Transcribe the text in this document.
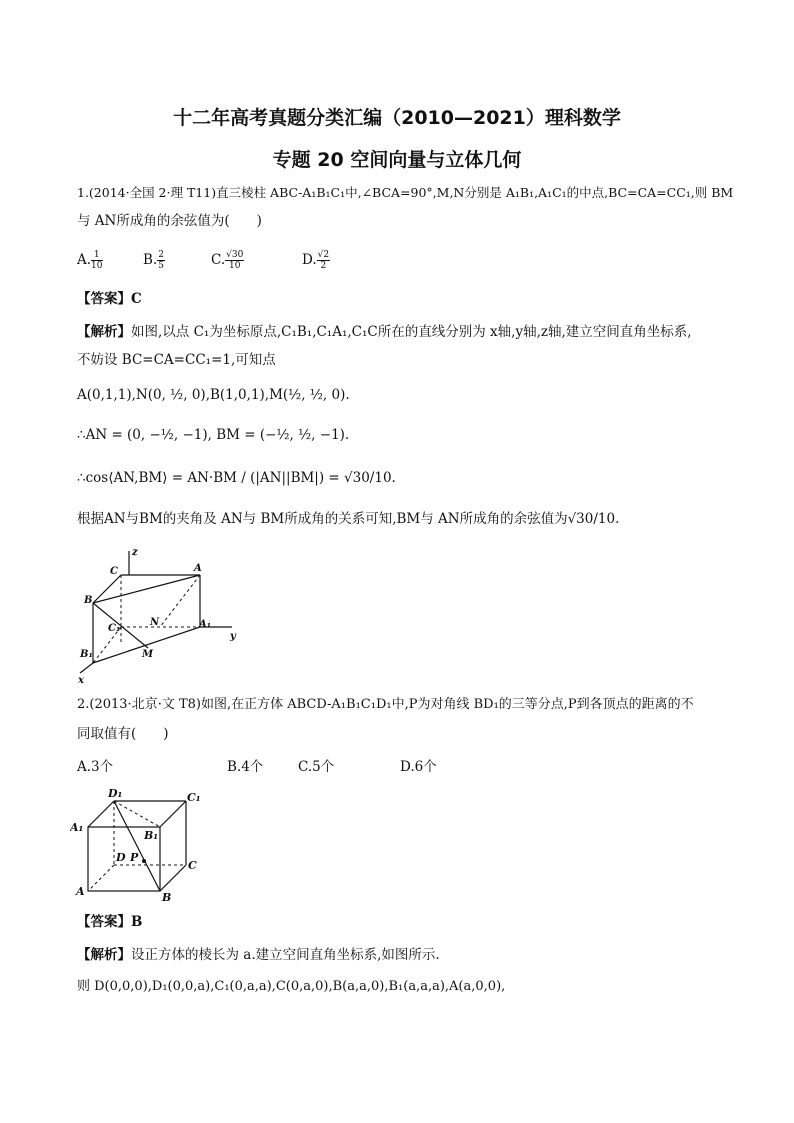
十二年高考真题分类汇编（2010—2021）理科数学
专题 20 空间向量与立体几何
1.(2014·全国 2·理 T11)直三棱柱 ABC-A₁B₁C₁中,∠BCA=90°,M,N分别是 A₁B₁,A₁C₁的中点,BC=CA=CC₁,则 BM
与 AN所成角的余弦值为(　　)
A. $\frac{1}{10}$	B. $\frac{2}{5}$	C. $\frac{√30}{10}$	D. $\frac{√2}{2}$
【答案】C
【解析】如图,以点 C₁为坐标原点,C₁B₁,C₁A₁,C₁C所在的直线分别为 x轴,y轴,z轴,建立空间直角坐标系,
不妨设 BC=CA=CC₁=1,可知点
A(0,1,1),N(0, ½, 0),B(1,0,1),M(½, ½, 0).
∴AN = (0, −½, −1), BM = (−½, ½, −1).
∴cos⟨AN,BM⟩ = AN·BM / (|AN||BM|) = √30/10.
根据AN与BM的夹角及 AN与 BM所成角的关系可知,BM与 AN所成角的余弦值为√30/10.
z
C	A
B
C₁
N	A₁
y
B₁	M
x
2.(2013·北京·文 T8)如图,在正方体 ABCD-A₁B₁C₁D₁中,P为对角线 BD₁的三等分点,P到各顶点的距离的不
同取值有(　　)
A.3个	B.4个	C.5个	D.6个
D₁	C₁
A₁
B₁
D P
C
A	B
【答案】B
【解析】设正方体的棱长为 a.建立空间直角坐标系,如图所示.
则 D(0,0,0),D₁(0,0,a),C₁(0,a,a),C(0,a,0),B(a,a,0),B₁(a,a,a),A(a,0,0),
